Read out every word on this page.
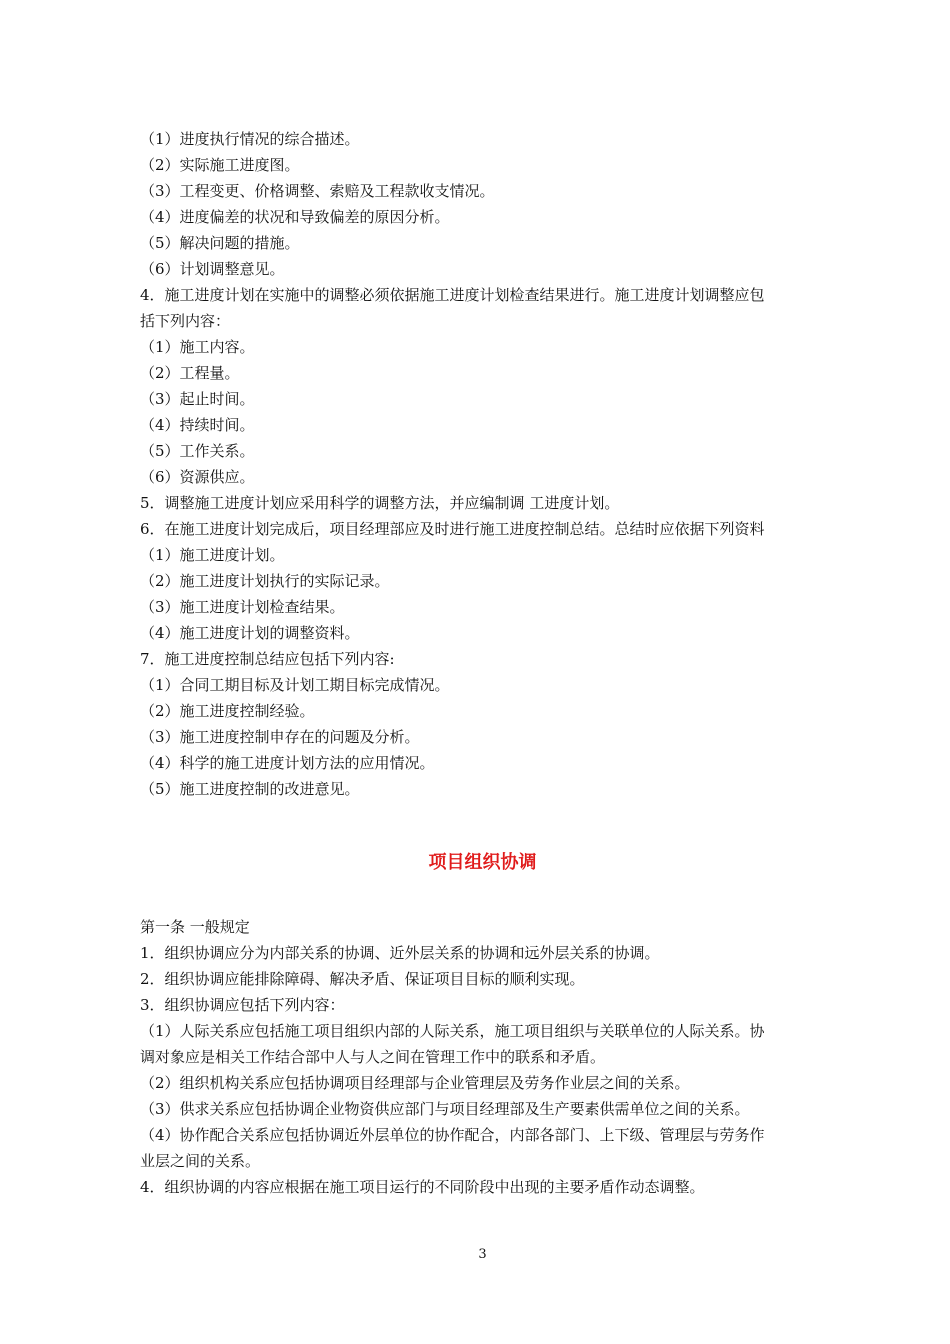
（1）进度执行情况的综合描述。
（2）实际施工进度图。
（3）工程变更、价格调整、索赔及工程款收支情况。
（4）进度偏差的状况和导致偏差的原因分析。
（5）解决问题的措施。
（6）计划调整意见。
4．施工进度计划在实施中的调整必须依据施工进度计划检查结果进行。施工进度计划调整应包
括下列内容：
（1）施工内容。
（2）工程量。
（3）起止时间。
（4）持续时间。
（5）工作关系。
（6）资源供应。
5．调整施工进度计划应采用科学的调整方法，并应编制调 工进度计划。
6．在施工进度计划完成后，项目经理部应及时进行施工进度控制总结。总结时应依据下列资料
（1）施工进度计划。
（2）施工进度计划执行的实际记录。
（3）施工进度计划检查结果。
（4）施工进度计划的调整资料。
7．施工进度控制总结应包括下列内容:
（1）合同工期目标及计划工期目标完成情况。
（2）施工进度控制经验。
（3）施工进度控制申存在的问题及分析。
（4）科学的施工进度计划方法的应用情况。
（5）施工进度控制的改进意见。
项目组织协调
第一条 一般规定
1．组织协调应分为内部关系的协调、近外层关系的协调和远外层关系的协调。
2．组织协调应能排除障碍、解决矛盾、保证项目目标的顺利实现。
3．组织协调应包括下列内容：
（1）人际关系应包括施工项目组织内部的人际关系，施工项目组织与关联单位的人际关系。协
调对象应是相关工作结合部中人与人之间在管理工作中的联系和矛盾。
（2）组织机构关系应包括协调项目经理部与企业管理层及劳务作业层之间的关系。
（3）供求关系应包括协调企业物资供应部门与项目经理部及生产要素供需单位之间的关系。
（4）协作配合关系应包括协调近外层单位的协作配合，内部各部门、上下级、管理层与劳务作
业层之间的关系。
4．组织协调的内容应根据在施工项目运行的不同阶段中出现的主要矛盾作动态调整。
3
